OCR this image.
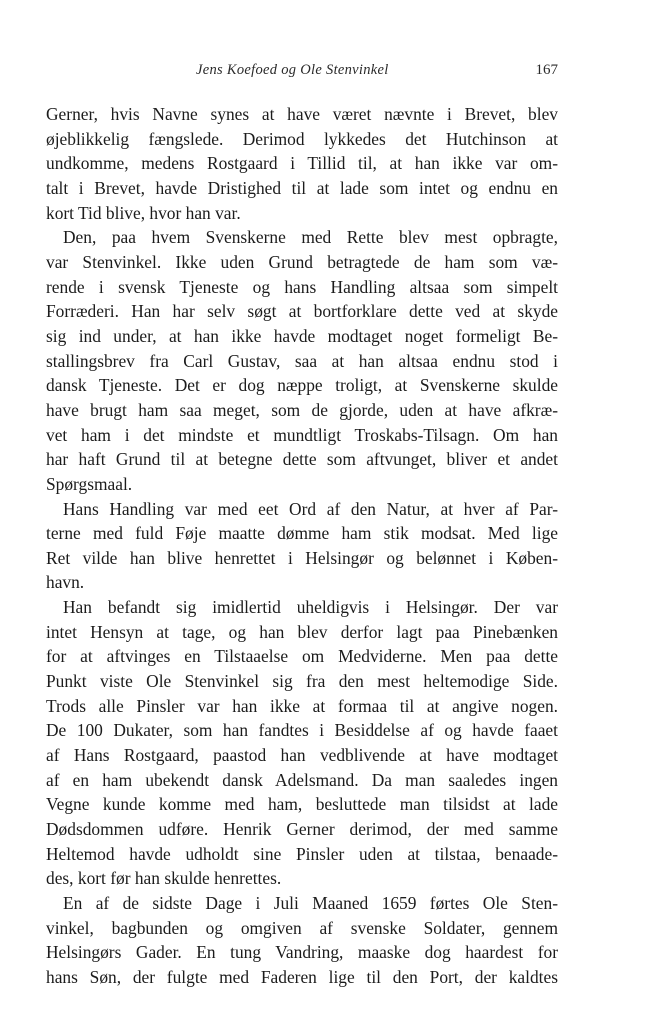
Jens Koefoed og Ole Stenvinkel	167

Gerner, hvis Navne synes at have været nævnte i Brevet, blev
øjeblikkelig fængslede. Derimod lykkedes det Hutchinson at
undkomme, medens Rostgaard i Tillid til, at han ikke var om-
talt i Brevet, havde Dristighed til at lade som intet og endnu en
kort Tid blive, hvor han var.

Den, paa hvem Svenskerne med Rette blev mest opbragte,
var Stenvinkel. Ikke uden Grund betragtede de ham som væ-
rende i svensk Tjeneste og hans Handling altsaa som simpelt
Forræderi. Han har selv søgt at bortforklare dette ved at skyde
sig ind under, at han ikke havde modtaget noget formeligt Be-
stallingsbrev fra Carl Gustav, saa at han altsaa endnu stod i
dansk Tjeneste. Det er dog næppe troligt, at Svenskerne skulde
have brugt ham saa meget, som de gjorde, uden at have afkræ-
vet ham i det mindste et mundtligt Troskabs-Tilsagn. Om han
har haft Grund til at betegne dette som aftvunget, bliver et andet
Spørgsmaal.

Hans Handling var med eet Ord af den Natur, at hver af Par-
terne med fuld Føje maatte dømme ham stik modsat. Med lige
Ret vilde han blive henrettet i Helsingør og belønnet i Køben-
havn.

Han befandt sig imidlertid uheldigvis i Helsingør. Der var
intet Hensyn at tage, og han blev derfor lagt paa Pinebænken
for at aftvinges en Tilstaaelse om Medviderne. Men paa dette
Punkt viste Ole Stenvinkel sig fra den mest heltemodige Side.
Trods alle Pinsler var han ikke at formaa til at angive nogen.
De 100 Dukater, som han fandtes i Besiddelse af og havde faaet
af Hans Rostgaard, paastod han vedblivende at have modtaget
af en ham ubekendt dansk Adelsmand. Da man saaledes ingen
Vegne kunde komme med ham, besluttede man tilsidst at lade
Dødsdommen udføre. Henrik Gerner derimod, der med samme
Heltemod havde udholdt sine Pinsler uden at tilstaa, benaade-
des, kort før han skulde henrettes.

En af de sidste Dage i Juli Maaned 1659 førtes Ole Sten-
vinkel, bagbunden og omgiven af svenske Soldater, gennem
Helsingørs Gader. En tung Vandring, maaske dog haardest for
hans Søn, der fulgte med Faderen lige til den Port, der kaldtes
